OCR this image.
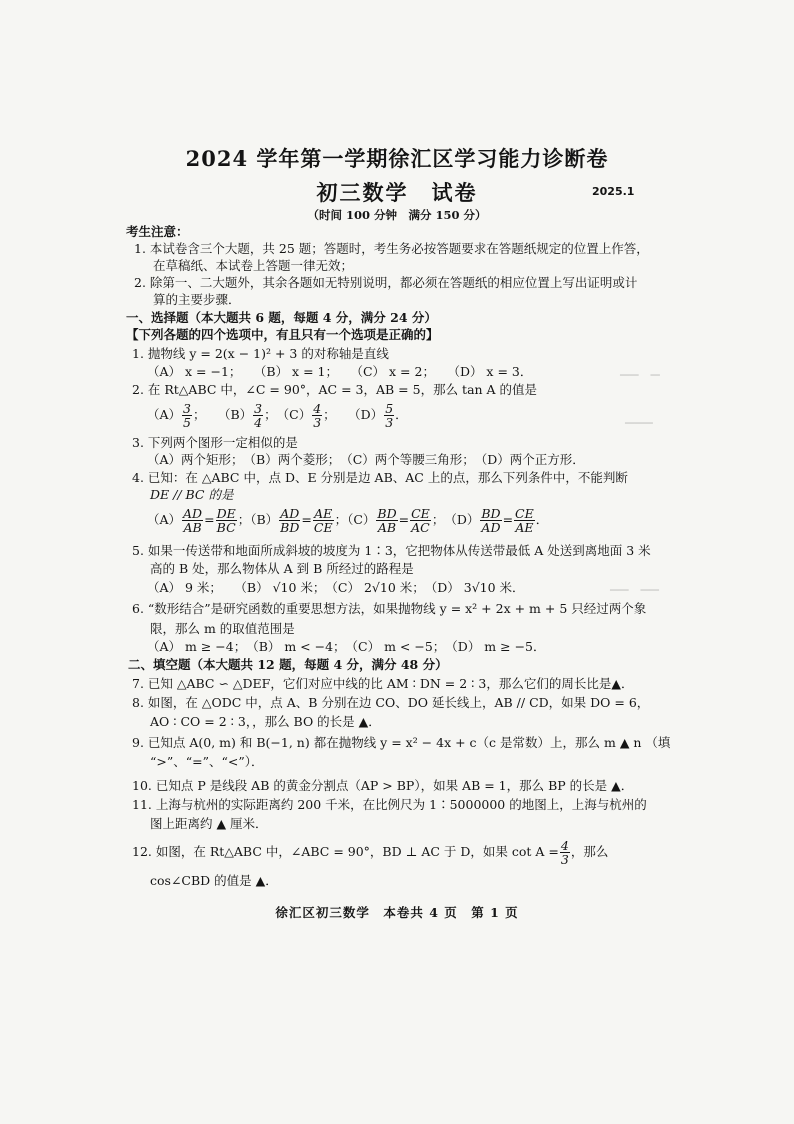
▁▁　▁
▁▁▁
▁▁　▁▁
2024 学年第一学期徐汇区学习能力诊断卷
初三数学　试卷	2025.1
（时间 100 分钟　满分 150 分）
考生注意：
1. 本试卷含三个大题，共 25 题；答题时，考生务必按答题要求在答题纸规定的位置上作答，
在草稿纸、本试卷上答题一律无效；
2. 除第一、二大题外，其余各题如无特别说明，都必须在答题纸的相应位置上写出证明或计
算的主要步骤．
一、选择题（本大题共 6 题，每题 4 分，满分 24 分）
【下列各题的四个选项中，有且只有一个选项是正确的】
1. 抛物线 y = 2(x − 1)² + 3 的对称轴是直线
（A） x = −1；　　（B） x = 1；　　（C） x = 2；　　（D） x = 3．
2. 在 Rt△ABC 中，∠C = 90°，AC = 3，AB = 5，那么 tan A 的值是
$(A) \frac{3}{5}$ ；　　$(B) \frac{3}{4}$ ；　$(C) \frac{4}{3}$ ；　　$(D) \frac{5}{3}$ ．
3. 下列两个图形一定相似的是
（A）两个矩形；　（B）两个菱形；　（C）两个等腰三角形；　（D）两个正方形．
4. 已知：在 △ABC 中，点 D、E 分别是边 AB、AC 上的点，那么下列条件中，不能判断
DE // BC 的是
$(A) \frac{AD}{AB} = \frac{DE}{BC}$ ；$(B) \frac{AD}{BD} = \frac{AE}{CE}$ ；$(C) \frac{BD}{AB} = \frac{CE}{AC}$ ；　$(D) \frac{BD}{AD} = \frac{CE}{AE}$ ．
5. 如果一传送带和地面所成斜坡的坡度为 1∶3，它把物体从传送带最低 A 处送到离地面 3 米
高的 B 处，那么物体从 A 到 B 所经过的路程是
（A） 9 米；　　（B） √10 米；　（C） 2√10 米；　（D） 3√10 米．
6. “数形结合”是研究函数的重要思想方法，如果抛物线 y = x² + 2x + m + 5 只经过两个象
限，那么 m 的取值范围是
（A） m ≥ −4；　（B） m < −4；　（C） m < −5；　（D） m ≥ −5．
二、填空题（本大题共 12 题，每题 4 分，满分 48 分）
7. 已知 △ABC ∽ △DEF，它们对应中线的比 AM ∶ DN = 2 ∶ 3，那么它们的周长比是▲．
8. 如图，在 △ODC 中，点 A、B 分别在边 CO、DO 延长线上，AB // CD，如果 DO = 6，
AO ∶ CO = 2 ∶ 3，，那么 BO 的长是 ▲．
9. 已知点 A(0, m) 和 B(−1, n) 都在抛物线 y = x² − 4x + c（c 是常数）上，那么 m ▲ n （填
“>”、“=”、“<”）．
10. 已知点 P 是线段 AB 的黄金分割点（AP > BP），如果 AB = 1，那么 BP 的长是 ▲．
11. 上海与杭州的实际距离约 200 千米，在比例尺为 1∶5000000 的地图上，上海与杭州的
图上距离约 ▲ 厘米．
12. 如图，在 Rt△ABC 中，∠ABC = 90°，BD ⊥ AC 于 D，如果 $\cot A = \frac{4}{3}$ ，那么
cos∠CBD 的值是 ▲．
徐汇区初三数学　本卷共 4 页　第 1 页
